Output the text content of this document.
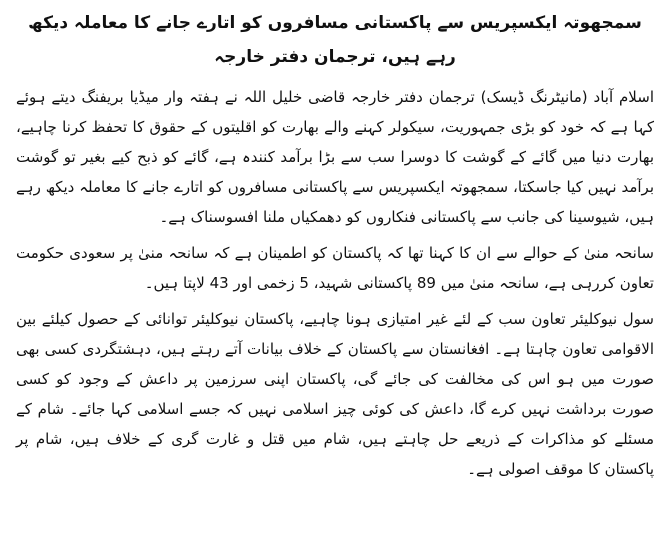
سمجھوتہ ایکسپریس سے پاکستانی مسافروں کو اتارے جانے کا معاملہ دیکھ رہے ہیں، ترجمان دفتر خارجہ

اسلام آباد (مانیٹرنگ ڈیسک) ترجمان دفتر خارجہ قاضی خلیل اللہ نے ہفتہ وار میڈیا بریفنگ دیتے ہوئے کہا ہے کہ خود کو بڑی جمہوریت، سیکولر کہنے والے بھارت کو اقلیتوں کے حقوق کا تحفظ کرنا چاہیے، بھارت دنیا میں گائے کے گوشت کا دوسرا سب سے بڑا برآمد کنندہ ہے، گائے کو ذبح کیے بغیر تو گوشت برآمد نہیں کیا جاسکتا، سمجھوتہ ایکسپریس سے پاکستانی مسافروں کو اتارے جانے کا معاملہ دیکھ رہے ہیں، شیوسینا کی جانب سے پاکستانی فنکاروں کو دھمکیاں ملنا افسوسناک ہے۔

سانحہ منیٰ کے حوالے سے ان کا کہنا تھا کہ پاکستان کو اطمینان ہے کہ سانحہ منیٰ پر سعودی حکومت تعاون کررہی ہے، سانحہ منیٰ میں 89 پاکستانی شہید، 5 زخمی اور 43 لاپتا ہیں۔

سول نیوکلیئر تعاون سب کے لئے غیر امتیازی ہونا چاہیے، پاکستان نیوکلیئر توانائی کے حصول کیلئے بین الاقوامی تعاون چاہتا ہے۔ افغانستان سے پاکستان کے خلاف بیانات آتے رہتے ہیں، دہشتگردی کسی بھی صورت میں ہو اس کی مخالفت کی جائے گی، پاکستان اپنی سرزمین پر داعش کے وجود کو کسی صورت برداشت نہیں کرے گا، داعش کی کوئی چیز اسلامی نہیں کہ جسے اسلامی کہا جائے۔ شام کے مسئلے کو مذاکرات کے ذریعے حل چاہتے ہیں، شام میں قتل و غارت گری کے خلاف ہیں، شام پر پاکستان کا موقف اصولی ہے۔
